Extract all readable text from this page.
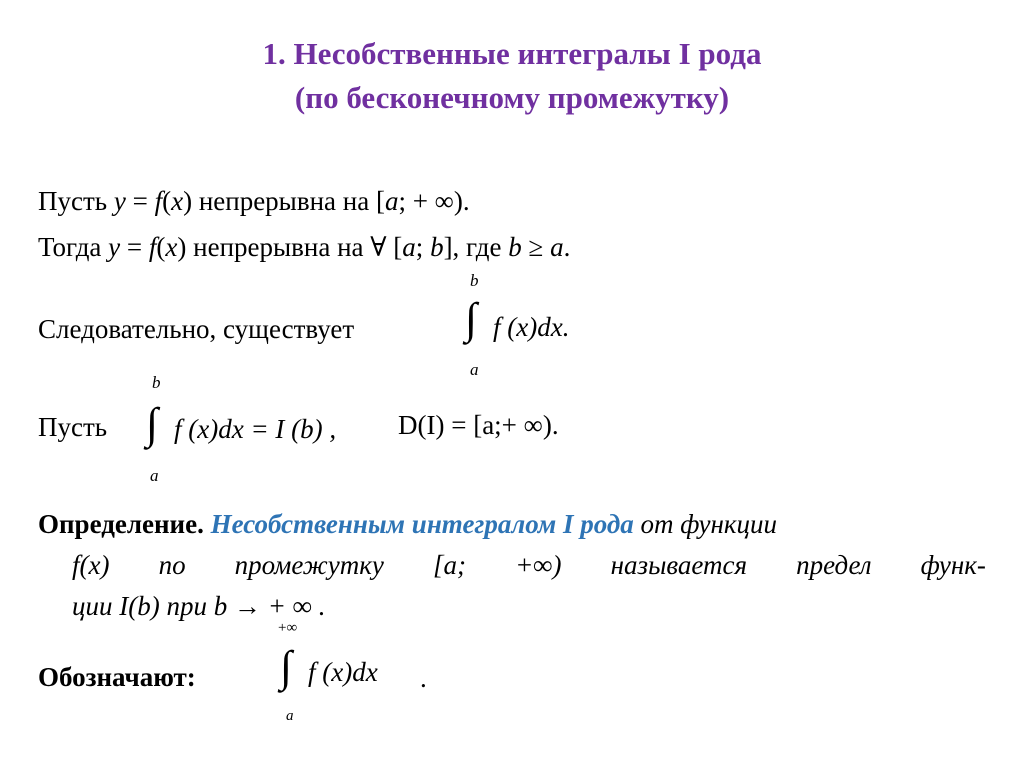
1. Несобственные интегралы I рода
(по бесконечному промежутку)
Пусть y = f(x) непрерывна на [a; + ∞).
Тогда y = f(x) непрерывна на ∀ [a; b], где b ≥ a.
Следовательно, существует
b
∫ f (x)dx.
a
Пусть
b
∫ f (x)dx = I (b) , D(I) = [a;+ ∞).
a
Определение. Несобственным интегралом I рода от функции
f(x) по промежутку [a; +∞) называется предел функ-
ции I(b) при b → + ∞ .
Обозначают:
+∞
∫ f (x)dx .
a
